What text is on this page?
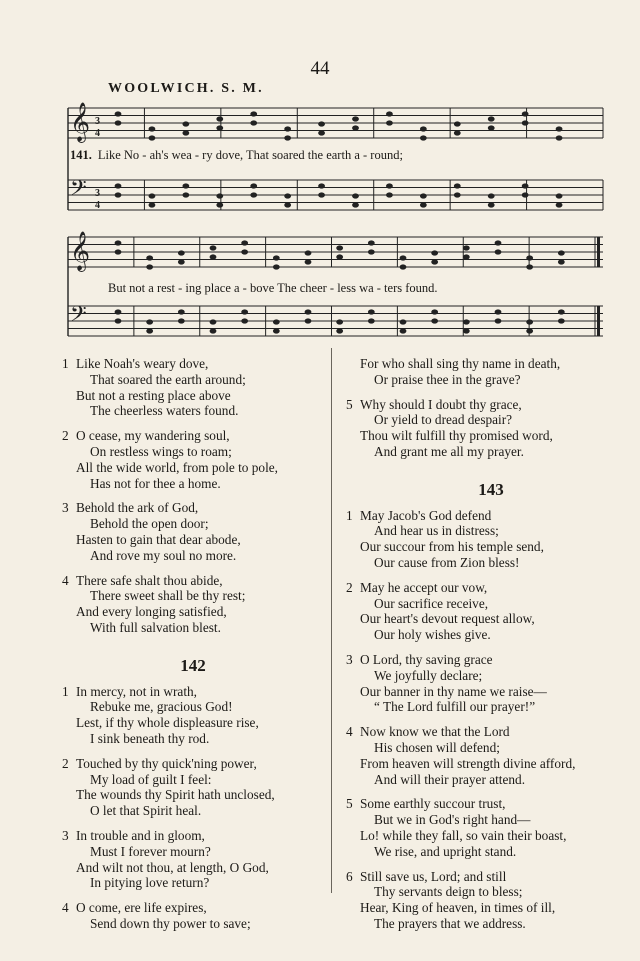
44
WOOLWICH. S. M.
𝄞
𝄢
3
4
3
4
𝄞
𝄢
141. Like No - ah's wea - ry dove, That soared the earth a - round;
But not a rest - ing place a - bove The cheer - less wa - ters found.
1 Like Noah's weary dove,
That soared the earth around;
But not a resting place above
The cheerless waters found.
2 O cease, my wandering soul,
On restless wings to roam;
All the wide world, from pole to pole,
Has not for thee a home.
3 Behold the ark of God,
Behold the open door;
Hasten to gain that dear abode,
And rove my soul no more.
4 There safe shalt thou abide,
There sweet shall be thy rest;
And every longing satisfied,
With full salvation blest.
142
1 In mercy, not in wrath,
Rebuke me, gracious God!
Lest, if thy whole displeasure rise,
I sink beneath thy rod.
2 Touched by thy quick'ning power,
My load of guilt I feel:
The wounds thy Spirit hath unclosed,
O let that Spirit heal.
3 In trouble and in gloom,
Must I forever mourn?
And wilt not thou, at length, O God,
In pitying love return?
4 O come, ere life expires,
Send down thy power to save;
For who shall sing thy name in death,
Or praise thee in the grave?
5 Why should I doubt thy grace,
Or yield to dread despair?
Thou wilt fulfill thy promised word,
And grant me all my prayer.
143
1 May Jacob's God defend
And hear us in distress;
Our succour from his temple send,
Our cause from Zion bless!
2 May he accept our vow,
Our sacrifice receive,
Our heart's devout request allow,
Our holy wishes give.
3 O Lord, thy saving grace
We joyfully declare;
Our banner in thy name we raise—
“ The Lord fulfill our prayer!”
4 Now know we that the Lord
His chosen will defend;
From heaven will strength divine afford,
And will their prayer attend.
5 Some earthly succour trust,
But we in God's right hand—
Lo! while they fall, so vain their boast,
We rise, and upright stand.
6 Still save us, Lord; and still
Thy servants deign to bless;
Hear, King of heaven, in times of ill,
The prayers that we address.
